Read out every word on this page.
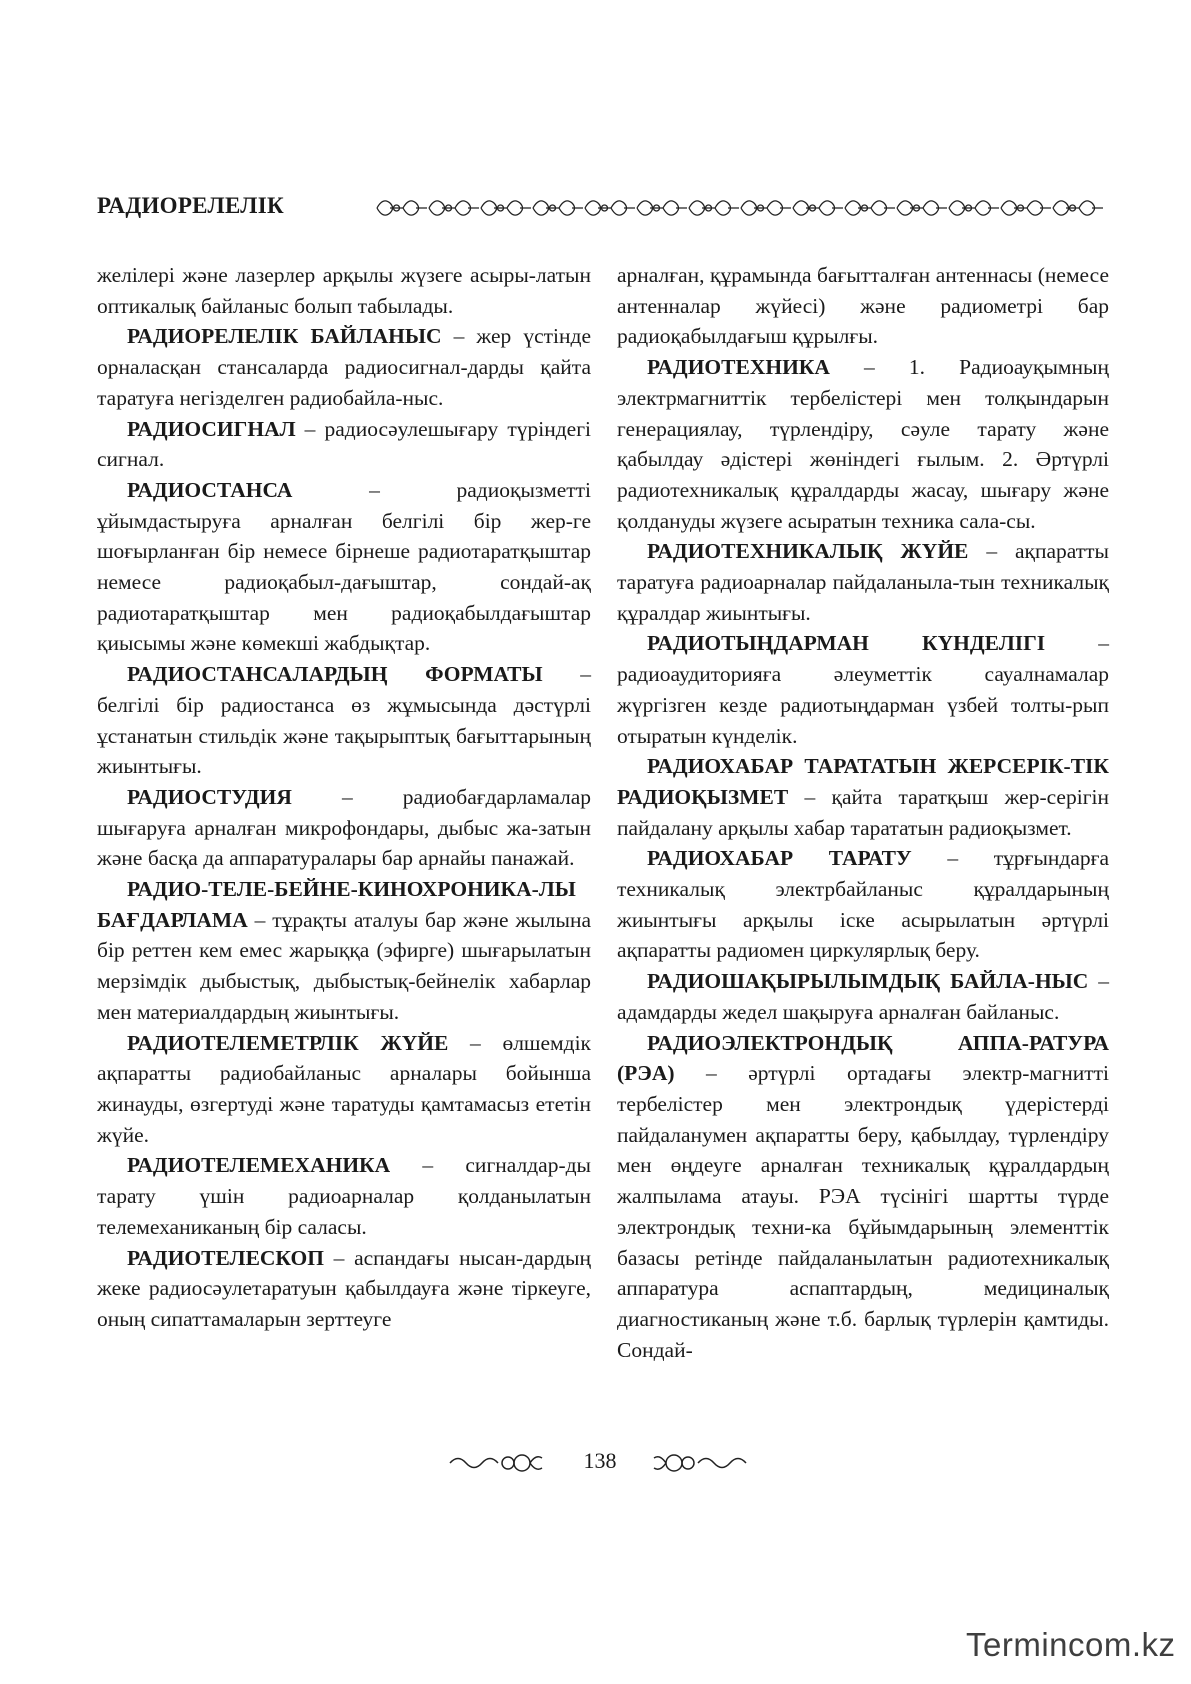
РАДИОРЕЛЕЛІК

желілері және лазерлер арқылы жүзеге асыры-латын оптикалық байланыс болып табылады.

РАДИОРЕЛЕЛІК БАЙЛАНЫС – жер үстінде орналасқан стансаларда радиосигнал-дарды қайта таратуға негізделген радиобайла-ныс.

РАДИОСИГНАЛ – радиосәулешығару түріндегі сигнал.

РАДИОСТАНСА – радиоқызметті ұйымдастыруға арналған белгілі бір жер-ге шоғырланған бір немесе бірнеше радиотаратқыштар немесе радиоқабыл-дағыштар, сондай-ақ радиотаратқыштар мен радиоқабылдағыштар қиысымы және көмекші жабдықтар.

РАДИОСТАНСАЛАРДЫҢ ФОРМАТЫ – белгілі бір радиостанса өз жұмысында дәстүрлі ұстанатын стильдік және тақырыптық бағыттарының жиынтығы.

РАДИОСТУДИЯ – радиобағдарламалар шығаруға арналған микрофондары, дыбыс жа-затын және басқа да аппаратуралары бар арнайы панажай.

РАДИО-ТЕЛЕ-БЕЙНЕ-КИНОХРОНИКА-ЛЫ БАҒДАРЛАМА – тұрақты аталуы бар және жылына бір реттен кем емес жарыққа (эфирге) шығарылатын мерзімдік дыбыстық, дыбыстық-бейнелік хабарлар мен материалдардың жиынтығы.

РАДИОТЕЛЕМЕТРЛІК ЖҮЙЕ – өлшемдік ақпаратты радиобайланыс арналары бойынша жинауды, өзгертуді және таратуды қамтамасыз ететін жүйе.

РАДИОТЕЛЕМЕХАНИКА – сигналдар-ды тарату үшін радиоарналар қолданылатын телемеханиканың бір саласы.

РАДИОТЕЛЕСКОП – аспандағы нысан-дардың жеке радиосәулетаратуын қабылдауға және тіркеуге, оның сипаттамаларын зерттеуге

арналған, құрамында бағытталған антеннасы (немесе антенналар жүйесі) және радиометрі бар радиоқабылдағыш құрылғы.

РАДИОТЕХНИКА – 1. Радиоауқымның электрмагниттік тербелістері мен толқындарын генерациялау, түрлендіру, сәуле тарату және қабылдау әдістері жөніндегі ғылым. 2. Әртүрлі радиотехникалық құралдарды жасау, шығару және қолдануды жүзеге асыратын техника сала-сы.

РАДИОТЕХНИКАЛЫҚ ЖҮЙЕ – ақпаратты таратуға радиоарналар пайдаланыла-тын техникалық құралдар жиынтығы.

РАДИОТЫҢДАРМАН КҮНДЕЛІГІ – радиоаудиторияға әлеуметтік сауалнамалар жүргізген кезде радиотыңдарман үзбей толты-рып отыратын күнделік.

РАДИОХАБАР ТАРАТАТЫН ЖЕРСЕРІК-ТІК РАДИОҚЫЗМЕТ – қайта таратқыш жер-серігін пайдалану арқылы хабар тарататын радиоқызмет.

РАДИОХАБАР ТАРАТУ – тұрғындарға техникалық электрбайланыс құралдарының жиынтығы арқылы іске асырылатын әртүрлі ақпаратты радиомен циркулярлық беру.

РАДИОШАҚЫРЫЛЫМДЫҚ БАЙЛА-НЫС – адамдарды жедел шақыруға арналған байланыс.

РАДИОЭЛЕКТРОНДЫҚ АППА-РАТУРА (РЭА) – әртүрлі ортадағы электр-магнитті тербелістер мен электрондық үдерістерді пайдаланумен ақпаратты беру, қабылдау, түрлендіру мен өңдеуге арналған техникалық құралдардың жалпылама атауы. РЭА түсінігі шартты түрде электрондық техни-ка бұйымдарының элементтік базасы ретінде пайдаланылатын радиотехникалық аппаратура аспаптардың, медициналық диагностиканың және т.б. барлық түрлерін қамтиды. Сондай-

138
Termincom.kz
